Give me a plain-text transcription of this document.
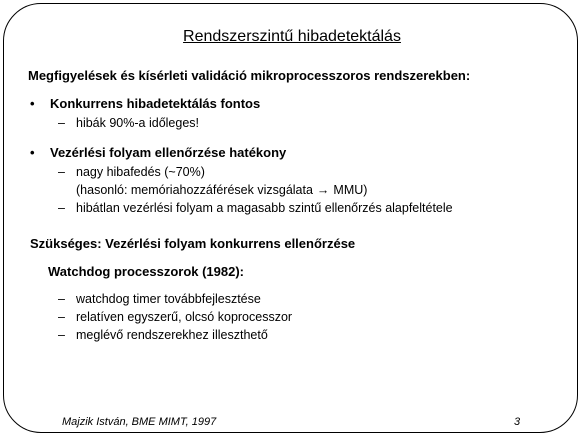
Rendszerszintű hibadetektálás

Megfigyelések és kísérleti validáció mikroprocesszoros rendszerekben:

• Konkurrens hibadetektálás fontos

– hibák 90%-a időleges!

• Vezérlési folyam ellenőrzése hatékony

– nagy hibafedés (~70%)

(hasonló: memóriahozzáférések vizsgálata → MMU)

– hibátlan vezérlési folyam a magasabb szintű ellenőrzés alapfeltétele

Szükséges: Vezérlési folyam konkurrens ellenőrzése

Watchdog processzorok (1982):

– watchdog timer továbbfejlesztése

– relatíven egyszerű, olcsó koprocesszor

– meglévő rendszerekhez illeszthető

Majzik István, BME MIMT, 1997	3
